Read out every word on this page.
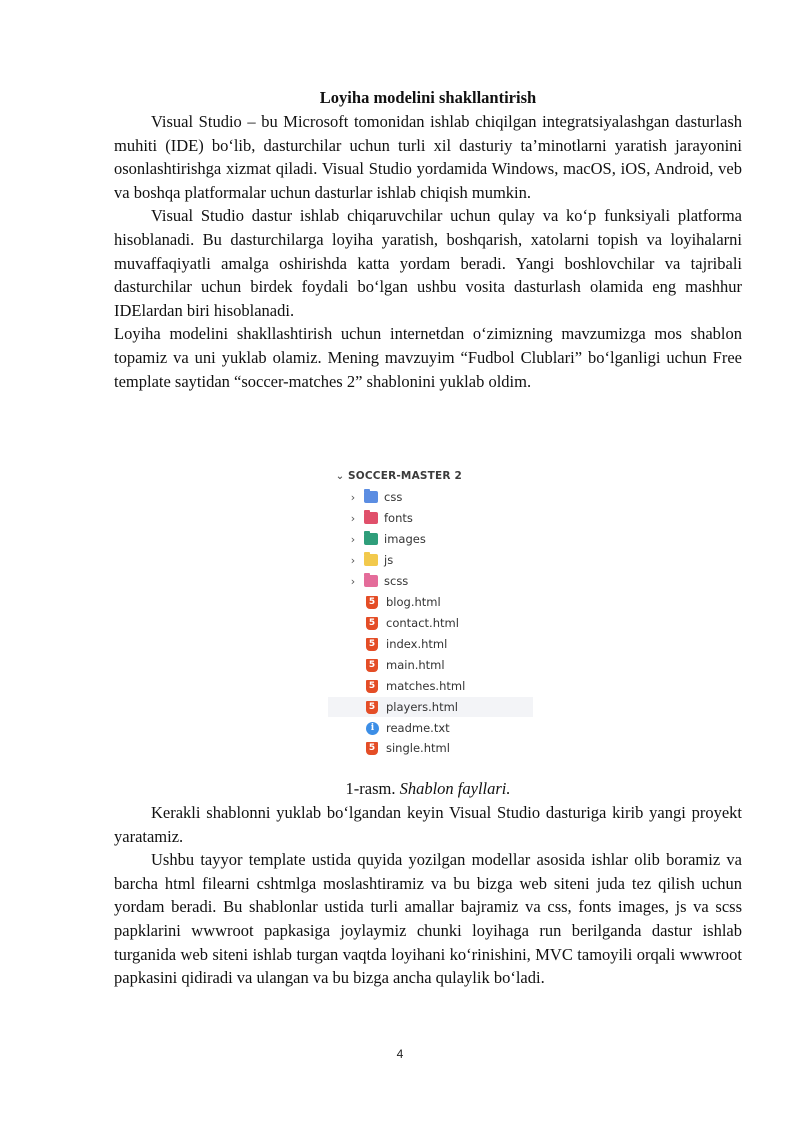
Loyiha modelini shakllantirish

Visual Studio – bu Microsoft tomonidan ishlab chiqilgan integratsiyalashgan dasturlash muhiti (IDE) bo‘lib, dasturchilar uchun turli xil dasturiy ta’minotlarni yaratish jarayonini osonlashtirishga xizmat qiladi. Visual Studio yordamida Windows, macOS, iOS, Android, veb va boshqa platformalar uchun dasturlar ishlab chiqish mumkin.

Visual Studio dastur ishlab chiqaruvchilar uchun qulay va ko‘p funksiyali platforma hisoblanadi. Bu dasturchilarga loyiha yaratish, boshqarish, xatolarni topish va loyihalarni muvaffaqiyatli amalga oshirishda katta yordam beradi. Yangi boshlovchilar va tajribali dasturchilar uchun birdek foydali bo‘lgan ushbu vosita dasturlash olamida eng mashhur IDElardan biri hisoblanadi.

Loyiha modelini shakllashtirish uchun internetdan o‘zimizning mavzumizga mos shablon topamiz va uni yuklab olamiz. Mening mavzuyim “Fudbol Clublari” bo‘lganligi uchun Free template saytidan “soccer-matches 2” shablonini yuklab oldim.

⌄ SOCCER-MASTER 2
›	css
›	fonts
›	images
›	js
›	scss
5 blog.html
5 contact.html
5 index.html
5 main.html
5 matches.html
5 players.html
i	readme.txt
5 single.html
1-rasm. Shablon fayllari.

Kerakli shablonni yuklab bo‘lgandan keyin Visual Studio dasturiga kirib yangi proyekt yaratamiz.

Ushbu tayyor template ustida quyida yozilgan modellar asosida ishlar olib boramiz va barcha html filearni cshtmlga moslashtiramiz va bu bizga web siteni juda tez qilish uchun yordam beradi. Bu shablonlar ustida turli amallar bajramiz va css, fonts images, js va scss papklarini wwwroot papkasiga joylaymiz chunki loyihaga run berilganda dastur ishlab turganida web siteni ishlab turgan vaqtda loyihani ko‘rinishini, MVC tamoyili orqali wwwroot papkasini qidiradi va ulangan va bu bizga ancha qulaylik bo‘ladi.

4
